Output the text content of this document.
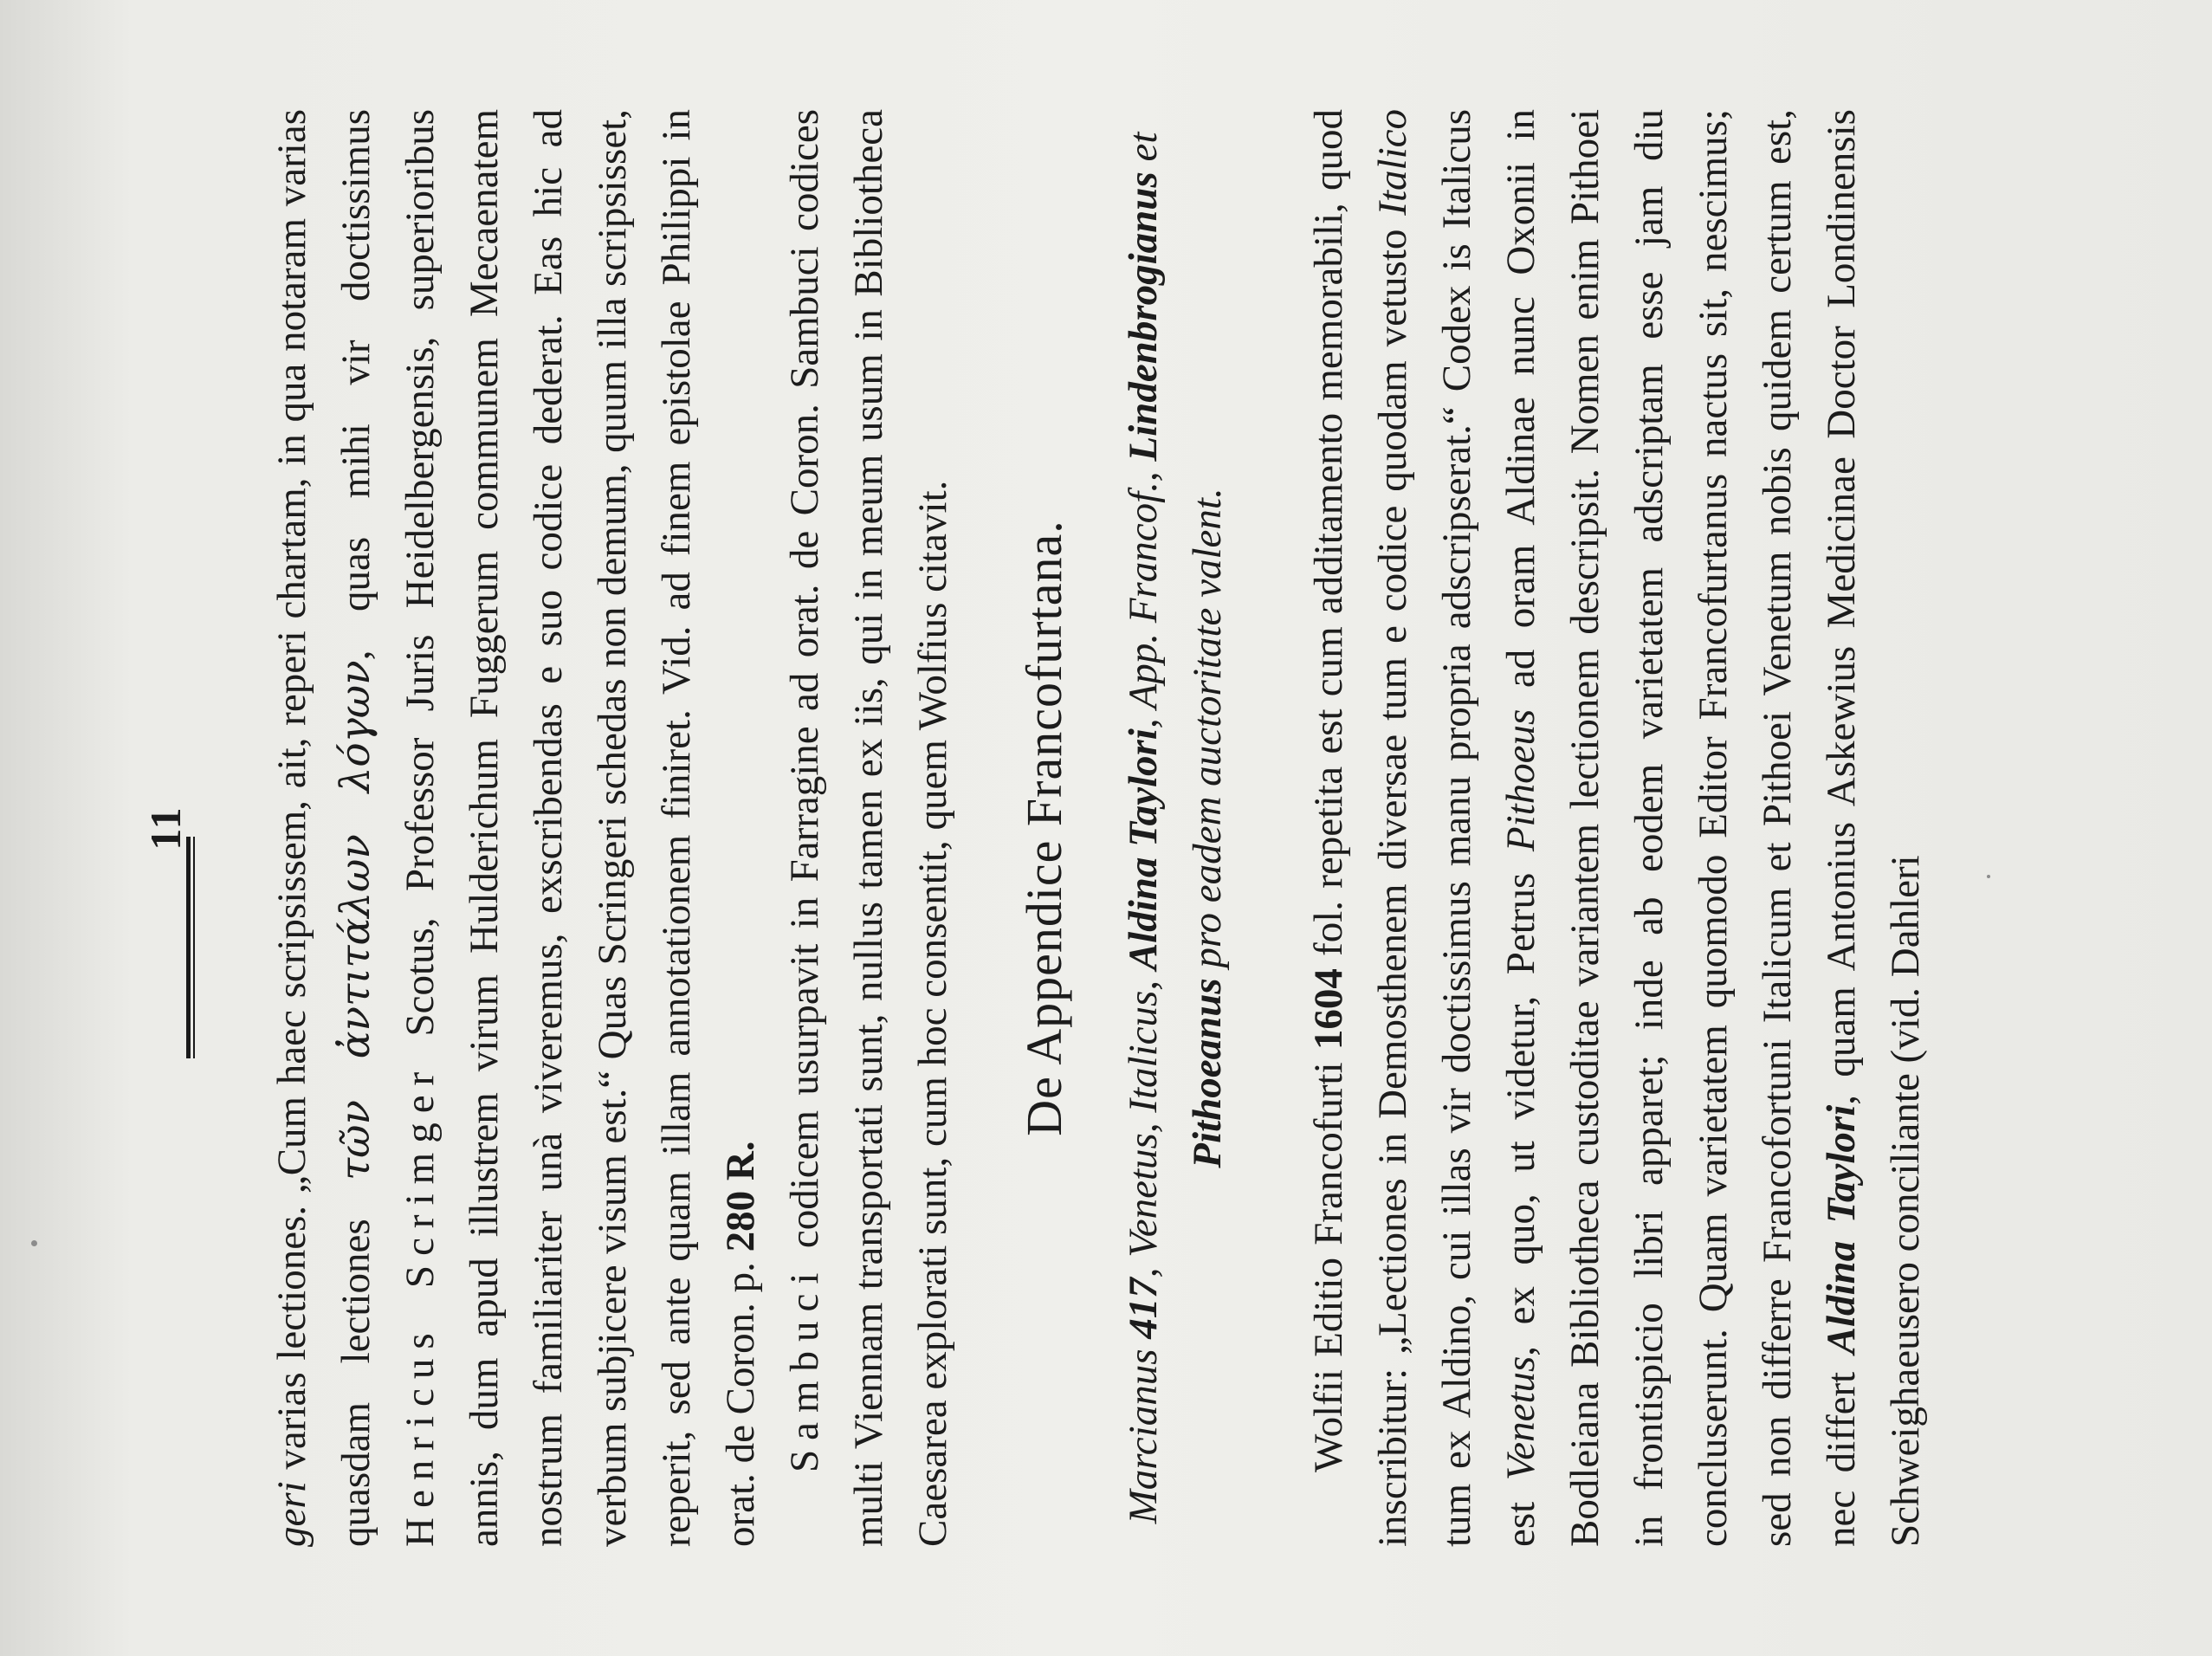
11

geri varias lectiones. „Cum haec scripsissem, ait, reperi chartam, in qua notaram varias quasdam lectiones τῶν ἀντιτάλων λόγων, quas mihi vir doctissimus Henricus Scrimger Scotus, Professor Juris Heidelbergensis, superioribus annis, dum apud illustrem virum Hulderichum Fuggerum communem Mecaenatem nostrum familiariter unà viveremus, exscribendas e suo codice dederat. Eas hic ad verbum subjicere visum est.“ Quas Scringeri schedas non demum, quum illa scripsisset, reperit, sed ante quam illam annotationem finiret. Vid. ad finem epistolae Philippi in orat. de Coron. p. 280 R.

Sambuci codicem usurpavit in Farragine ad orat. de Coron. Sambuci codices multi Viennam transportati sunt, nullus tamen ex iis, qui in meum usum in Bibliotheca Caesarea explorati sunt, cum hoc consentit, quem Wolfius citavit. De Appendice Francofurtana.

Marcianus 417, Venetus, Italicus, Aldina Taylori, App. Francof., Lindenbrogianus et Pithoeanus pro eadem auctoritate valent.

Wolfii Editio Francofurti 1604 fol. repetita est cum additamento memorabili, quod inscribitur: „Lectiones in Demosthenem diversae tum e codice quodam vetusto Italico tum ex Aldino, cui illas vir doctissimus manu propria adscripserat.“ Codex is Italicus est Venetus, ex quo, ut videtur, Petrus Pithoeus ad oram Aldinae nunc Oxonii in Bodleiana Bibliotheca custoditae variantem lectionem descripsit. Nomen enim Pithoei in frontispicio libri apparet; inde ab eodem varietatem adscriptam esse jam diu concluserunt. Quam varietatem quomodo Editor Francofurtanus nactus sit, nescimus; sed non differre Francofortuni Italicum et Pithoei Venetum nobis quidem certum est, nec differt Aldina Taylori, quam Antonius Askewius Medicinae Doctor Londinensis Schweighaeusero conciliante (vid. Dahleri
